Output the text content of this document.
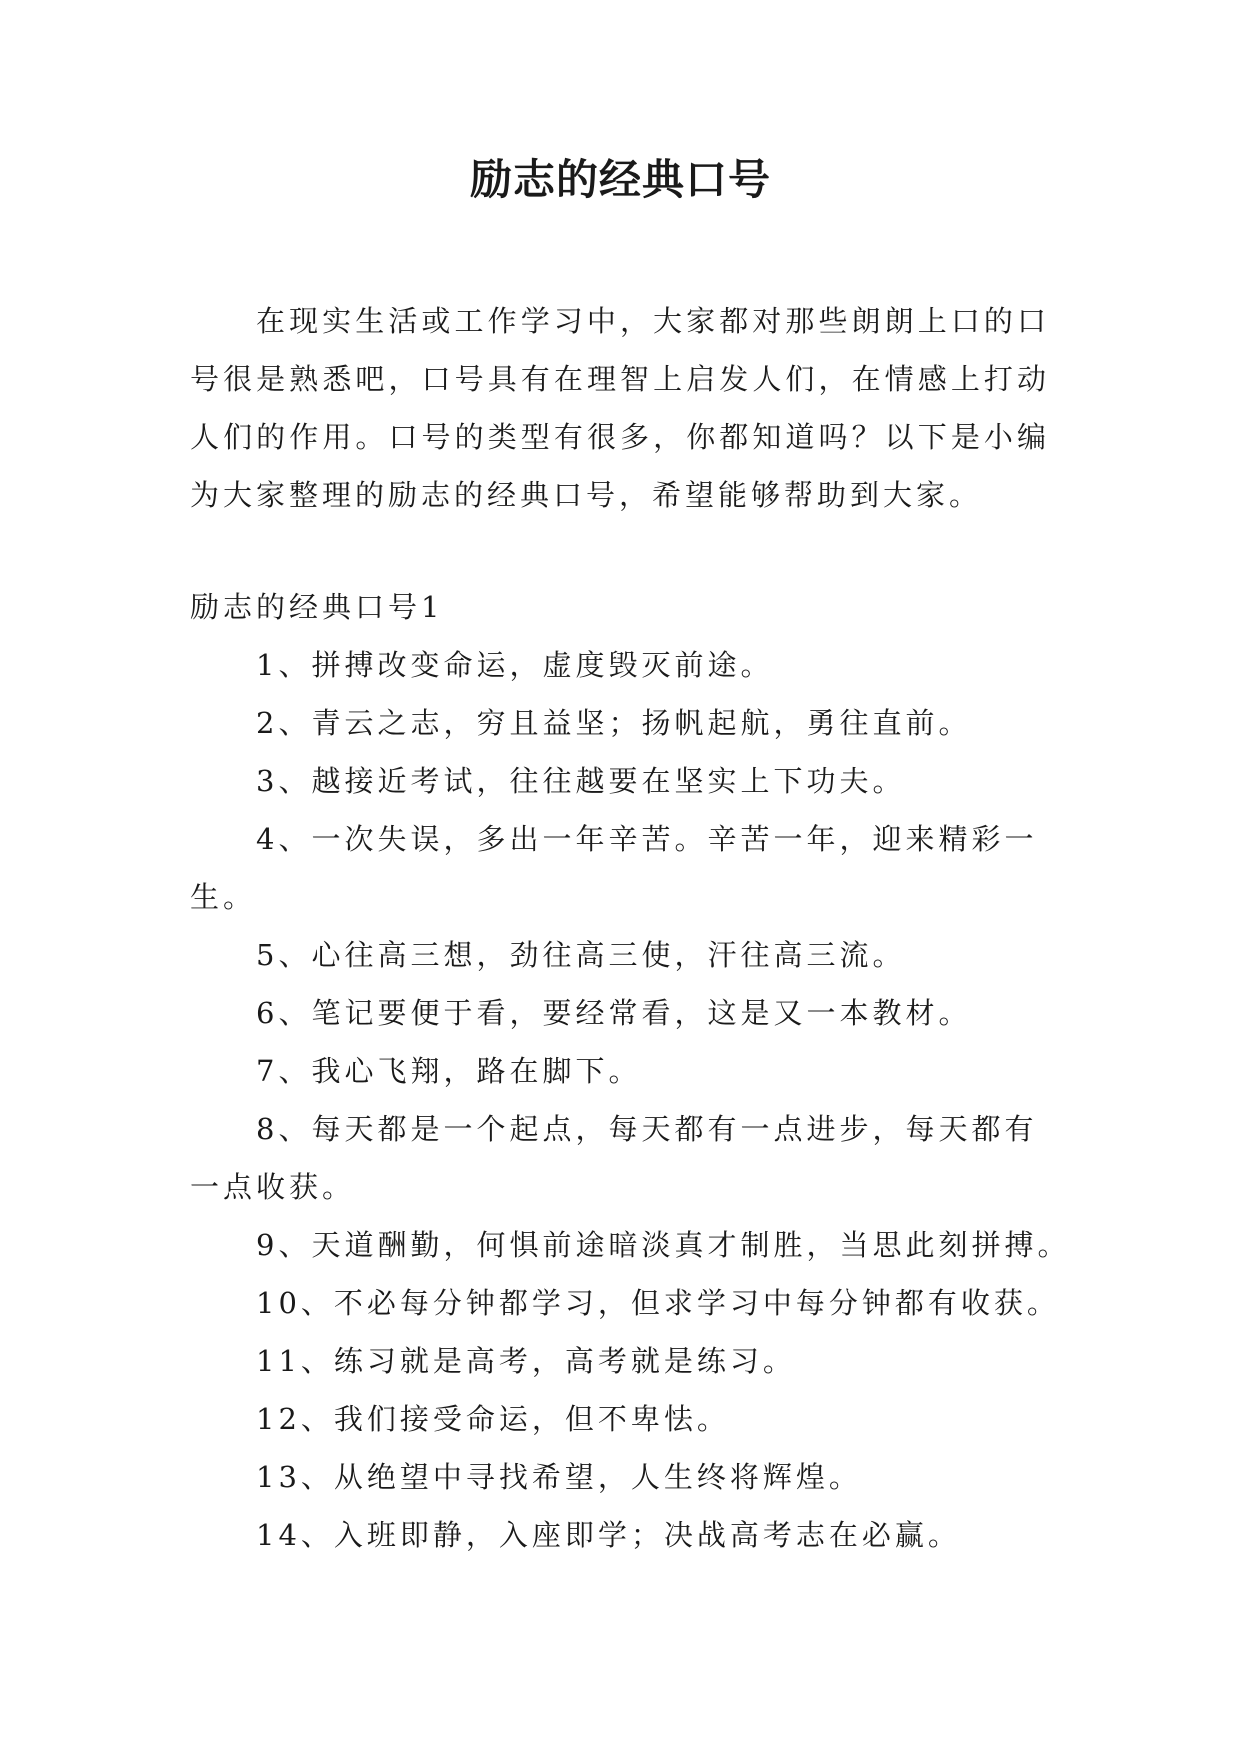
励志的经典口号

在现实生活或工作学习中，大家都对那些朗朗上口的口号很是熟悉吧，口号具有在理智上启发人们，在情感上打动人们的作用。口号的类型有很多，你都知道吗？以下是小编为大家整理的励志的经典口号，希望能够帮助到大家。

励志的经典口号1

1、拼搏改变命运，虚度毁灭前途。
2、青云之志，穷且益坚；扬帆起航，勇往直前。
3、越接近考试，往往越要在坚实上下功夫。
4、一次失误，多出一年辛苦。辛苦一年，迎来精彩一生。
5、心往高三想，劲往高三使，汗往高三流。
6、笔记要便于看，要经常看，这是又一本教材。
7、我心飞翔，路在脚下。
8、每天都是一个起点，每天都有一点进步，每天都有一点收获。
9、天道酬勤，何惧前途暗淡真才制胜，当思此刻拼搏。
10、不必每分钟都学习，但求学习中每分钟都有收获。
11、练习就是高考，高考就是练习。
12、我们接受命运，但不卑怯。
13、从绝望中寻找希望，人生终将辉煌。
14、入班即静，入座即学；决战高考志在必赢。
